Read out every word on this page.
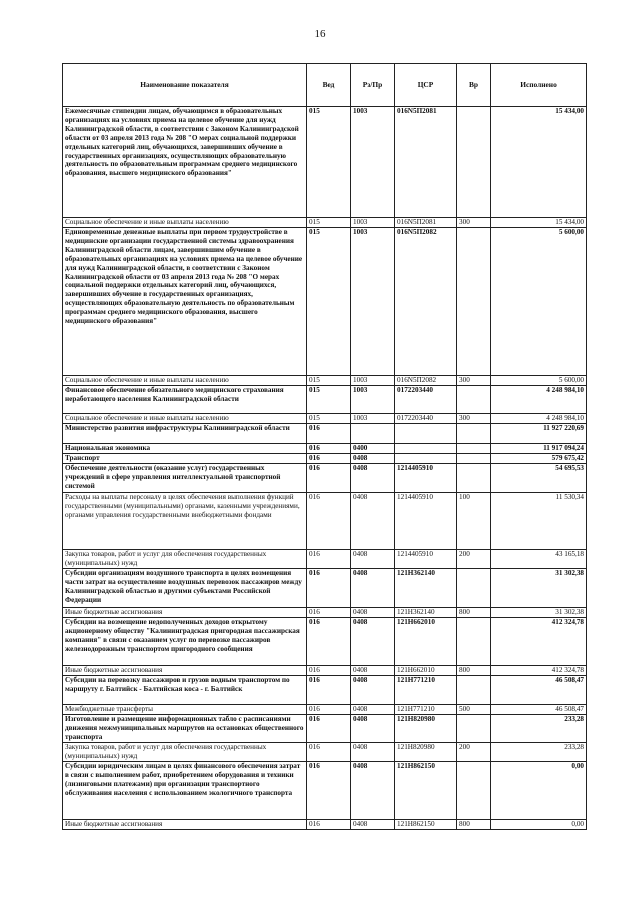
16
Наименование показателя	Вед	Рз/Пр	ЦСР	Вр	Исполнено
Ежемесячные стипендии лицам, обучающимся в образовательных организациях на условиях приема на целевое обучение для нужд Калининградской области, в соответствии с Законом Калининградской области от 03 апреля 2013 года № 208 "О мерах социальной поддержки отдельных категорий лиц, обучающихся, завершивших обучение в государственных организациях, осуществляющих образовательную деятельность по образовательным программам среднего медицинского образования, высшего медицинского образования"	015	1003	016N5П2081		15 434,00
Социальное обеспечение и иные выплаты населению	015	1003	016N5П2081	300	15 434,00
Единовременные денежные выплаты при первом трудоустройстве в медицинские организации государственной системы здравоохранения Калининградской области лицам, завершившим обучение в образовательных организациях на условиях приема на целевое обучение для нужд Калининградской области, в соответствии с Законом Калининградской области от 03 апреля 2013 года № 208 "О мерах социальной поддержки отдельных категорий лиц, обучающихся, завершивших обучение в государственных организациях, осуществляющих образовательную деятельность по образовательным программам среднего медицинского образования, высшего медицинского образования"	015	1003	016N5П2082		5 600,00
Социальное обеспечение и иные выплаты населению	015	1003	016N5П2082	300	5 600,00
Финансовое обеспечение обязательного медицинского страхования неработающего населения Калининградской области	015	1003	0172203440		4 248 984,10
Социальное обеспечение и иные выплаты населению	015	1003	0172203440	300	4 248 984,10
Министерство развития инфраструктуры Калининградской области	016				11 927 220,69
Национальная экономика	016	0400			11 917 094,24
Транспорт	016	0408			579 675,42
Обеспечение деятельности (оказание услуг) государственных учреждений в сфере управления интеллектуальной транспортной системой	016	0408	1214405910		54 695,53
Расходы на выплаты персоналу в целях обеспечения выполнения функций государственными (муниципальными) органами, казенными учреждениями, органами управления государственными внебюджетными фондами	016	0408	1214405910	100	11 530,34
Закупка товаров, работ и услуг для обеспечения государственных (муниципальных) нужд	016	0408	1214405910	200	43 165,18
Субсидии организациям воздушного транспорта в целях возмещения части затрат на осуществление воздушных перевозок пассажиров между Калининградской областью и другими субъектами Российской Федерации	016	0408	121Н362140		31 302,38
Иные бюджетные ассигнования	016	0408	121Н362140	800	31 302,38
Субсидии на возмещение недополученных доходов открытому акционерному обществу "Калининградская пригородная пассажирская компания" в связи с оказанием услуг по перевозке пассажиров железнодорожным транспортом пригородного сообщения	016	0408	121Н662010		412 324,78
Иные бюджетные ассигнования	016	0408	121Н662010	800	412 324,78
Субсидии на перевозку пассажиров и грузов водным транспортом по маршруту г. Балтийск - Балтийская коса - г. Балтийск	016	0408	121Н771210		46 508,47
Межбюджетные трансферты	016	0408	121Н771210	500	46 508,47
Изготовление и размещение информационных табло с расписаниями движения межмуниципальных маршрутов на остановках общественного транспорта	016	0408	121Н820980		233,28
Закупка товаров, работ и услуг для обеспечения государственных (муниципальных) нужд	016	0408	121Н820980	200	233,28
Субсидии юридическим лицам в целях финансового обеспечения затрат в связи с выполнением работ, приобретением оборудования и техники (лизинговыми платежами) при организации транспортного обслуживания населения с использованием экологичного транспорта	016	0408	121Н862150		0,00
Иные бюджетные ассигнования	016	0408	121Н862150	800	0,00
